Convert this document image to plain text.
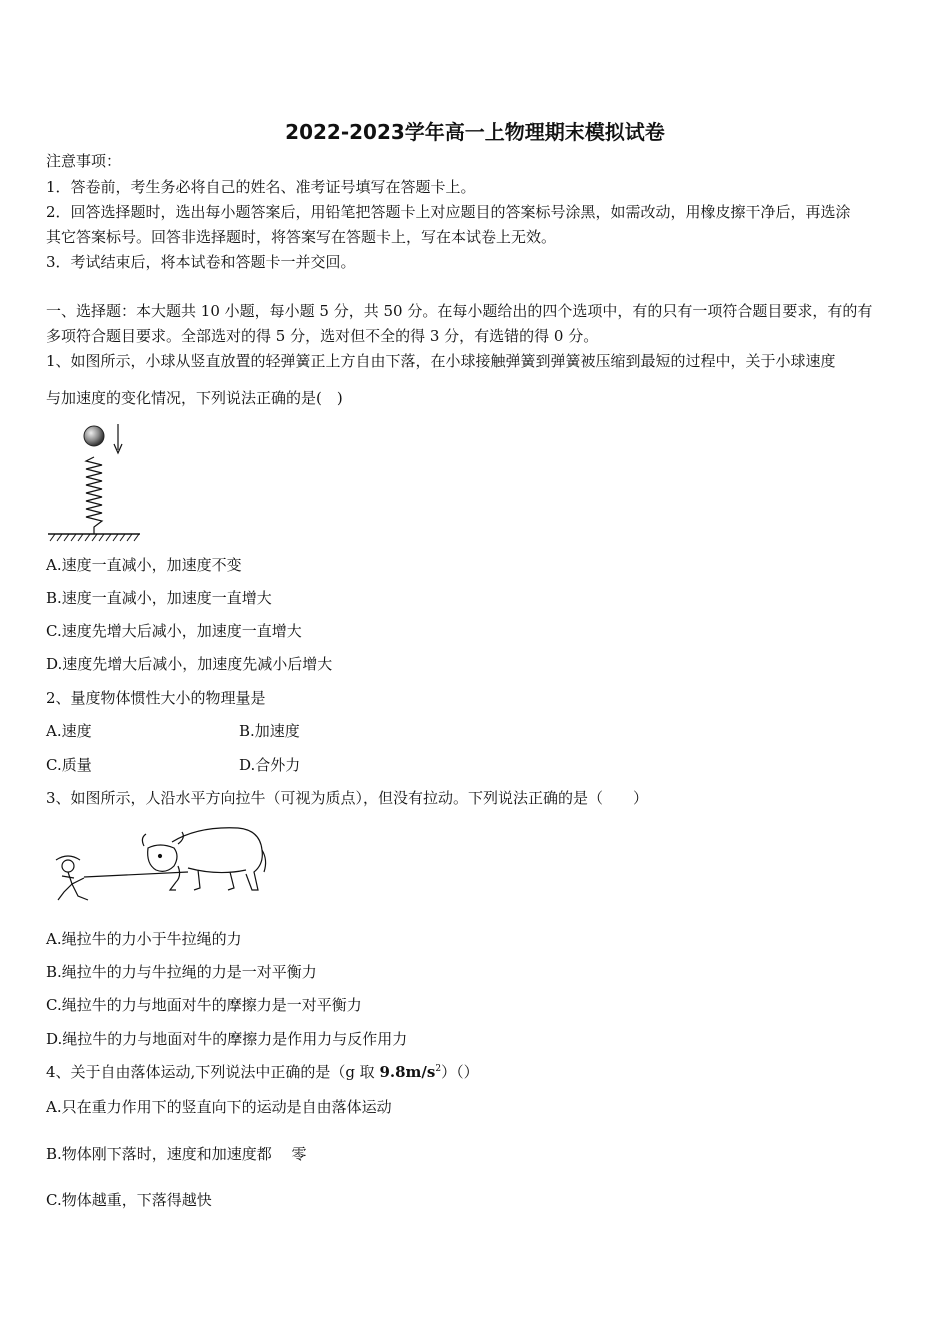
2022-2023学年高一上物理期末模拟试卷
注意事项：
1．答卷前，考生务必将自己的姓名、准考证号填写在答题卡上。
2．回答选择题时，选出每小题答案后，用铅笔把答题卡上对应题目的答案标号涂黑，如需改动，用橡皮擦干净后，再选涂
其它答案标号。回答非选择题时，将答案写在答题卡上，写在本试卷上无效。
3．考试结束后，将本试卷和答题卡一并交回。
一、选择题：本大题共 10 小题，每小题 5 分，共 50 分。在每小题给出的四个选项中，有的只有一项符合题目要求，有的有
多项符合题目要求。全部选对的得 5 分，选对但不全的得 3 分，有选错的得 0 分。
1、如图所示，小球从竖直放置的轻弹簧正上方自由下落，在小球接触弹簧到弹簧被压缩到最短的过程中，关于小球速度
与加速度的变化情况，下列说法正确的是(　)
A.速度一直减小，加速度不变
B.速度一直减小，加速度一直增大
C.速度先增大后减小，加速度一直增大
D.速度先增大后减小，加速度先减小后增大
2、量度物体惯性大小的物理量是
A.速度	B.加速度
C.质量	D.合外力
3、如图所示，人沿水平方向拉牛（可视为质点），但没有拉动。下列说法正确的是（　　）
A.绳拉牛的力小于牛拉绳的力
B.绳拉牛的力与牛拉绳的力是一对平衡力
C.绳拉牛的力与地面对牛的摩擦力是一对平衡力
D.绳拉牛的力与地面对牛的摩擦力是作用力与反作用力
4、关于自由落体运动,下列说法中正确的是（g 取 $9.8m/s^2)()$
A.只在重力作用下的竖直向下的运动是自由落体运动
B.物体刚下落时，速度和加速度都　 零
C.物体越重，下落得越快
